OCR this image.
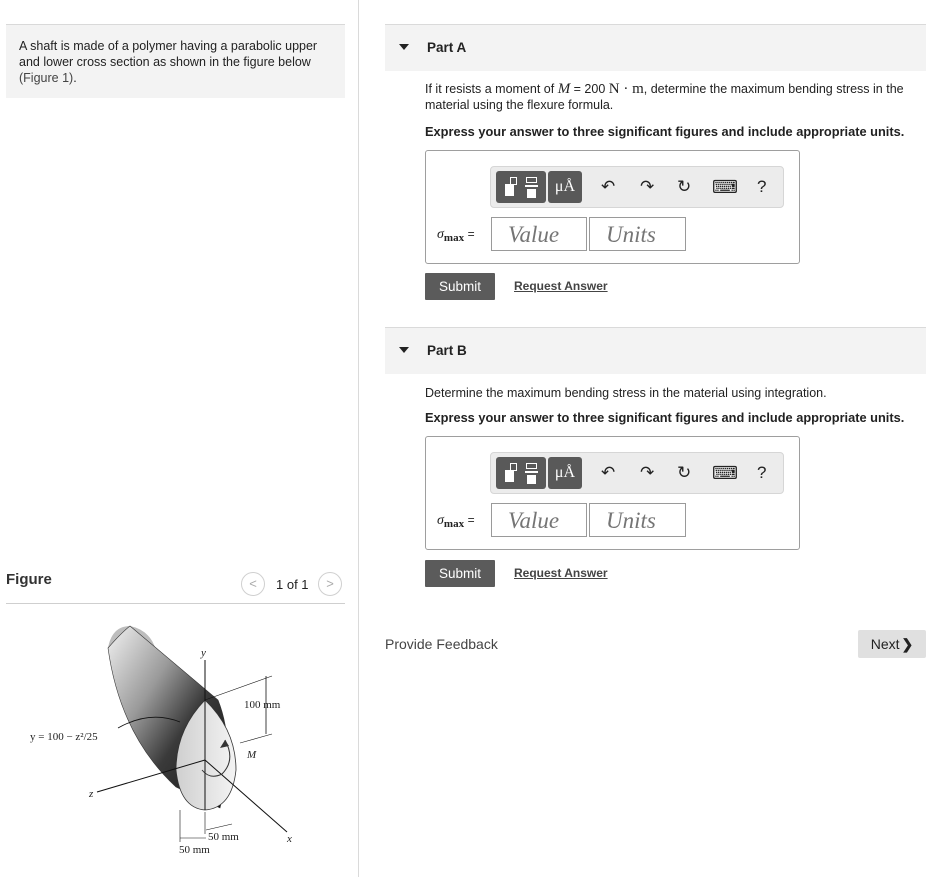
A shaft is made of a polymer having a parabolic upper and lower cross section as shown in the figure below (Figure 1).
Figure	<	1 of 1	>
y
z
x
M
100 mm
y = 100 − z²/25
50 mm
50 mm
Part A
If it resists a moment of M = 200 N · m, determine the maximum bending stress in the material using the flexure formula.
Express your answer to three significant figures and include appropriate units.
μÅ	↶ ↷ ↻ ⌨ ?
$\sigma_{max}$ =
Value
Units
Submit	Request Answer
Part B
Determine the maximum bending stress in the material using integration.
Express your answer to three significant figures and include appropriate units.
μÅ	↶ ↷ ↻ ⌨ ?
$\sigma_{max}$ =
Value
Units
Submit	Request Answer
Provide Feedback	Next ❯
